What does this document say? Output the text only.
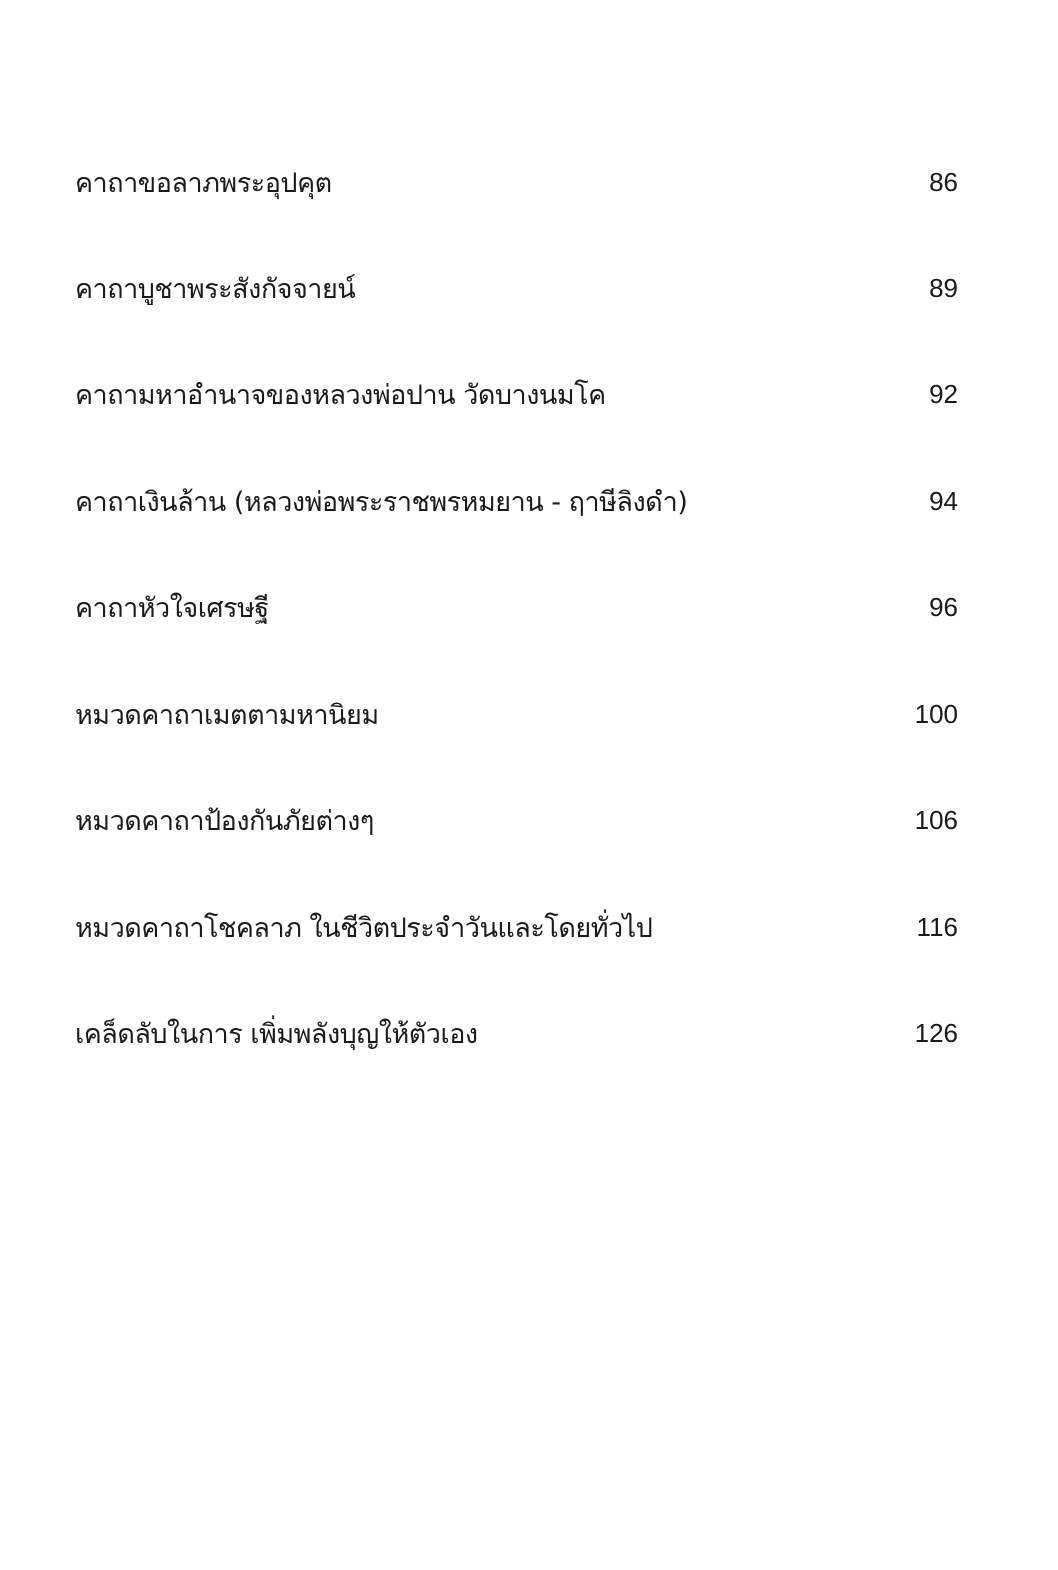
คาถาขอลาภพระอุปคุต	86
คาถาบูชาพระสังกัจจายน์	89
คาถามหาอำนาจของหลวงพ่อปาน วัดบางนมโค	92
คาถาเงินล้าน (หลวงพ่อพระราชพรหมยาน - ฤาษีลิงดำ)	94
คาถาหัวใจเศรษฐี	96
หมวดคาถาเมตตามหานิยม	100
หมวดคาถาป้องกันภัยต่างๆ	106
หมวดคาถาโชคลาภ ในชีวิตประจำวันและโดยทั่วไป	116
เคล็ดลับในการ เพิ่มพลังบุญให้ตัวเอง	126
